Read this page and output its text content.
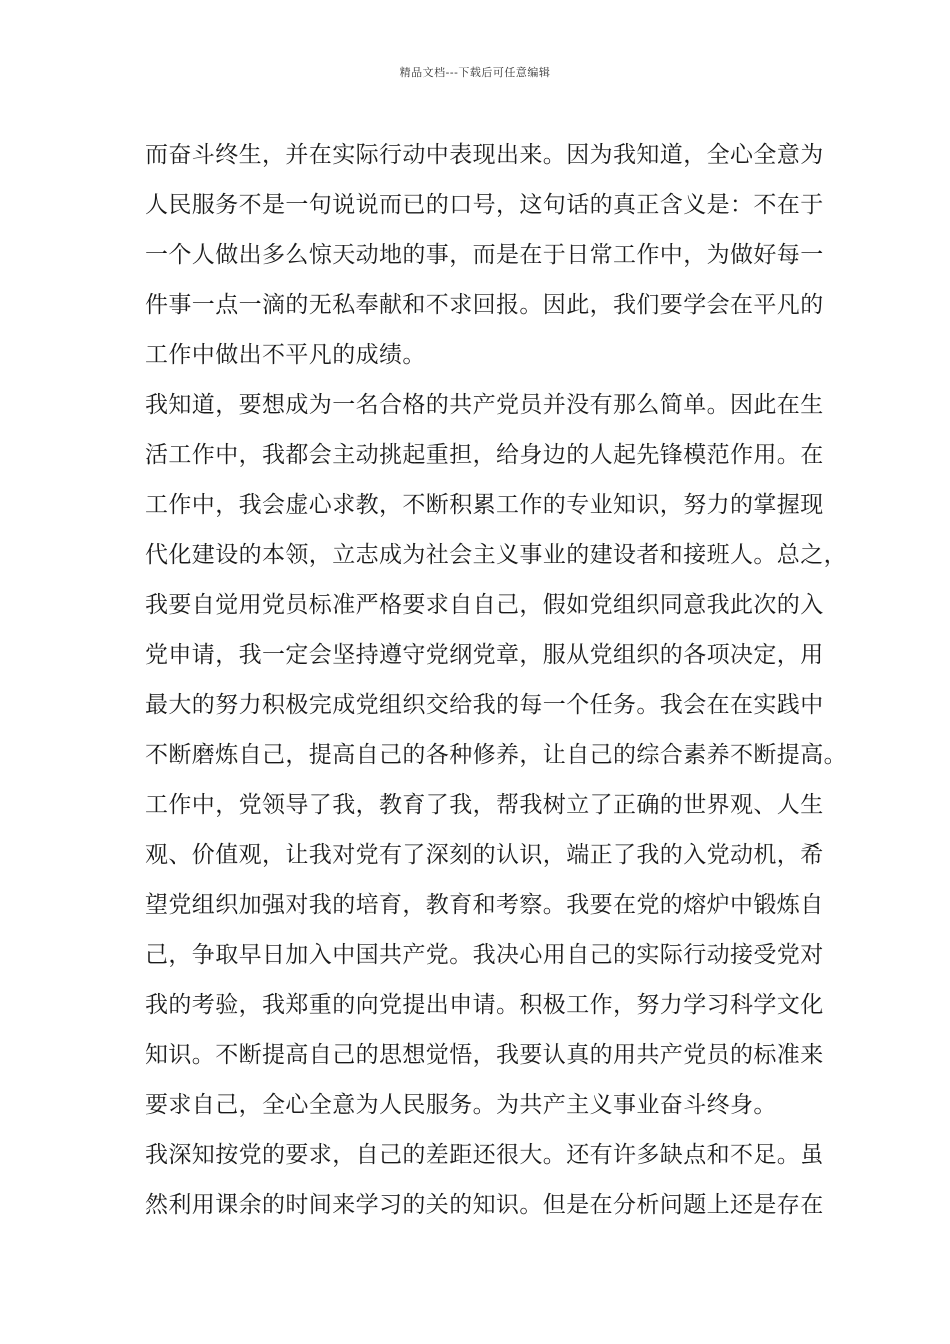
精品文档---下载后可任意编辑
而奋斗终生，并在实际行动中表现出来。因为我知道，全心全意为
人民服务不是一句说说而已的口号，这句话的真正含义是：不在于
一个人做出多么惊天动地的事，而是在于日常工作中，为做好每一
件事一点一滴的无私奉献和不求回报。因此，我们要学会在平凡的
工作中做出不平凡的成绩。
我知道，要想成为一名合格的共产党员并没有那么简单。因此在生
活工作中，我都会主动挑起重担，给身边的人起先锋模范作用。在
工作中，我会虚心求教，不断积累工作的专业知识，努力的掌握现
代化建设的本领，立志成为社会主义事业的建设者和接班人。总之，
我要自觉用党员标准严格要求自自己，假如党组织同意我此次的入
党申请，我一定会坚持遵守党纲党章，服从党组织的各项决定，用
最大的努力积极完成党组织交给我的每一个任务。我会在在实践中
不断磨炼自己，提高自己的各种修养，让自己的综合素养不断提高。
工作中，党领导了我，教育了我，帮我树立了正确的世界观、人生
观、价值观，让我对党有了深刻的认识，端正了我的入党动机，希
望党组织加强对我的培育，教育和考察。我要在党的熔炉中锻炼自
己，争取早日加入中国共产党。我决心用自己的实际行动接受党对
我的考验，我郑重的向党提出申请。积极工作，努力学习科学文化
知识。不断提高自己的思想觉悟，我要认真的用共产党员的标准来
要求自己，全心全意为人民服务。为共产主义事业奋斗终身。
我深知按党的要求，自己的差距还很大。还有许多缺点和不足。虽
然利用课余的时间来学习的关的知识。但是在分析问题上还是存在
